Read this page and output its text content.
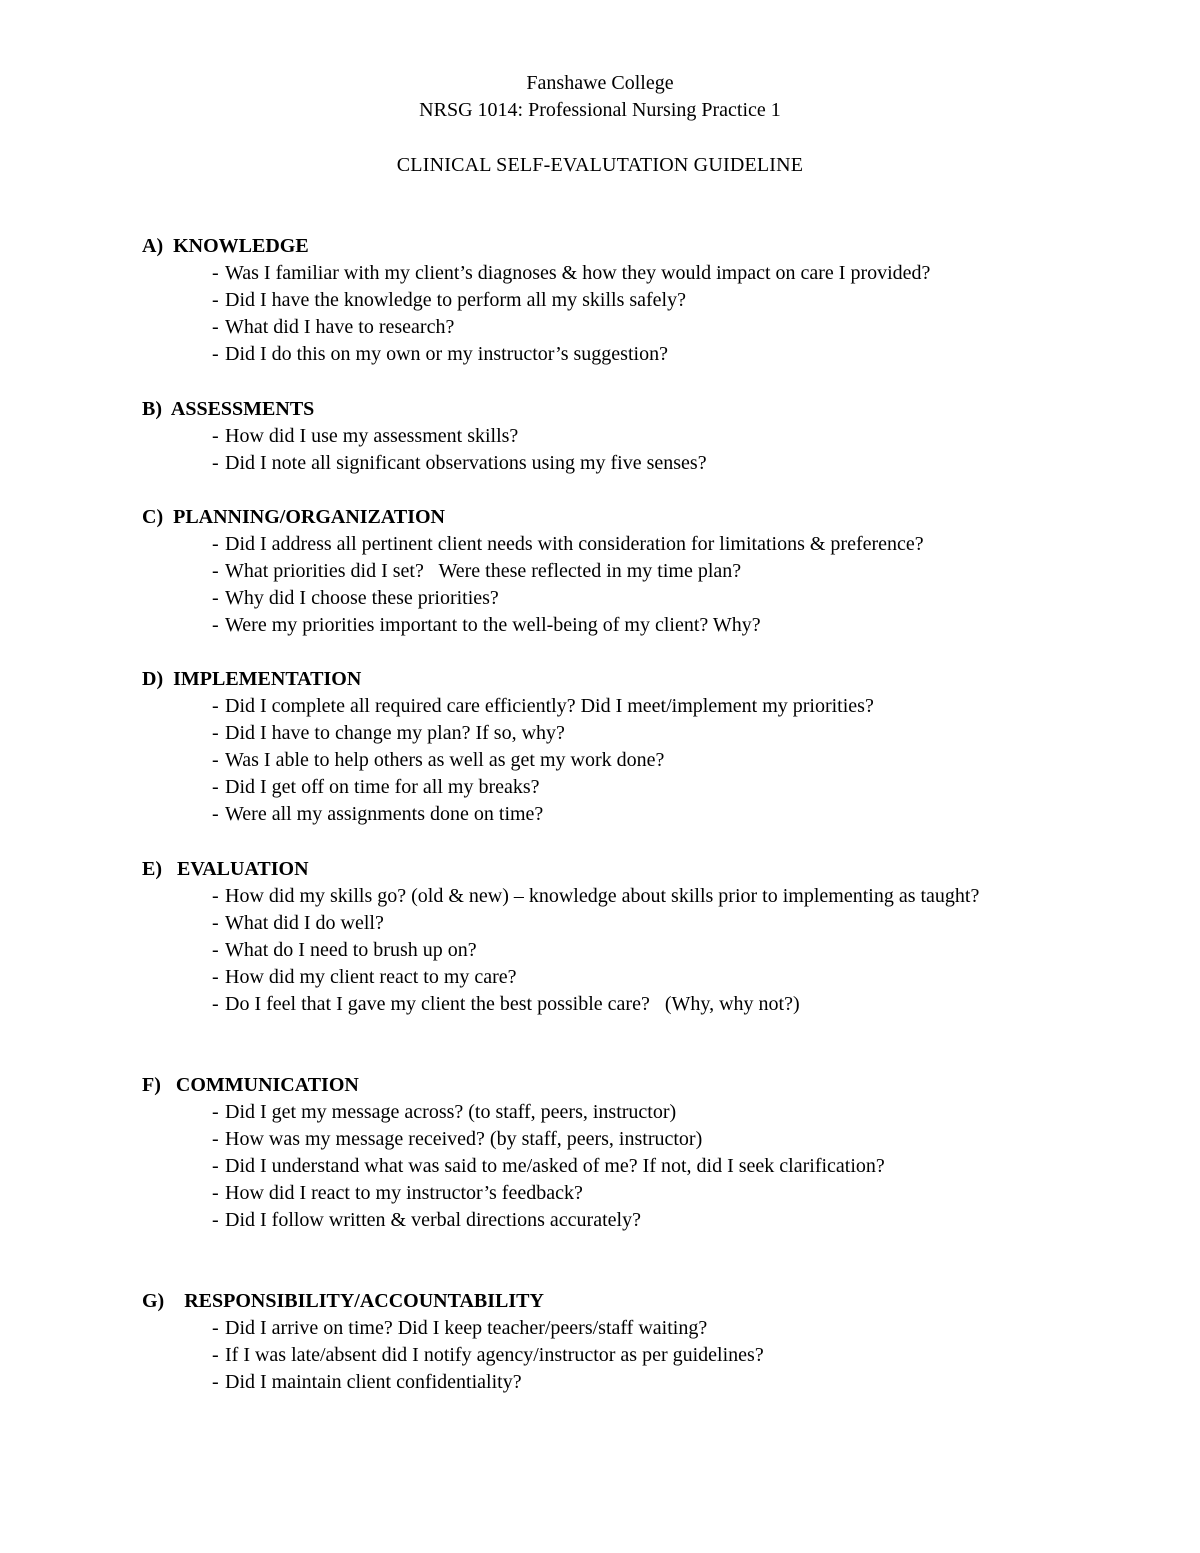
Fanshawe College
NRSG 1014: Professional Nursing Practice 1
CLINICAL SELF-EVALUTATION GUIDELINE
A)  KNOWLEDGE
- Was I familiar with my client’s diagnoses & how they would impact on care I provided?
- Did I have the knowledge to perform all my skills safely?
- What did I have to research?
- Did I do this on my own or my instructor’s suggestion?
B)  ASSESSMENTS
- How did I use my assessment skills?
- Did I note all significant observations using my five senses?
C)  PLANNING/ORGANIZATION
- Did I address all pertinent client needs with consideration for limitations & preference?
- What priorities did I set?   Were these reflected in my time plan?
- Why did I choose these priorities?
- Were my priorities important to the well-being of my client? Why?
D)  IMPLEMENTATION
- Did I complete all required care efficiently? Did I meet/implement my priorities?
- Did I have to change my plan? If so, why?
- Was I able to help others as well as get my work done?
- Did I get off on time for all my breaks?
- Were all my assignments done on time?
E)   EVALUATION
- How did my skills go? (old & new) – knowledge about skills prior to implementing as taught?
- What did I do well?
- What do I need to brush up on?
- How did my client react to my care?
- Do I feel that I gave my client the best possible care?   (Why, why not?)
F)   COMMUNICATION
- Did I get my message across? (to staff, peers, instructor)
- How was my message received? (by staff, peers, instructor)
- Did I understand what was said to me/asked of me? If not, did I seek clarification?
- How did I react to my instructor’s feedback?
- Did I follow written & verbal directions accurately?
G)    RESPONSIBILITY/ACCOUNTABILITY
- Did I arrive on time? Did I keep teacher/peers/staff waiting?
- If I was late/absent did I notify agency/instructor as per guidelines?
- Did I maintain client confidentiality?
